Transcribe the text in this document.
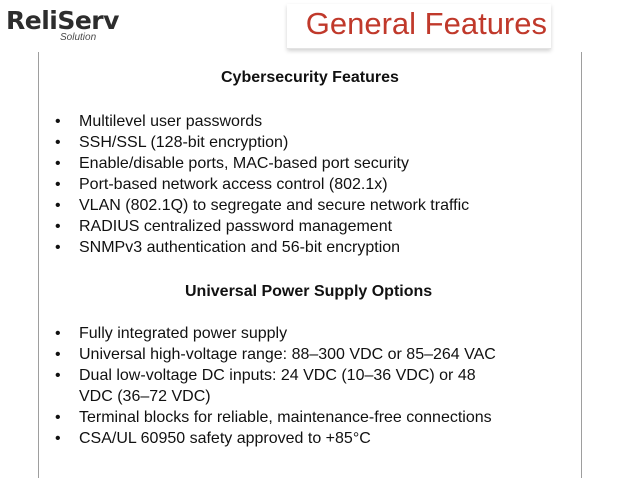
ReliServ
Solution	General Features
Cybersecurity Features
• Multilevel user passwords
• SSH/SSL (128-bit encryption)
• Enable/disable ports, MAC-based port security
• Port-based network access control (802.1x)
• VLAN (802.1Q) to segregate and secure network traffic
• RADIUS centralized password management
• SNMPv3 authentication and 56-bit encryption
Universal Power Supply Options
• Fully integrated power supply
• Universal high-voltage range: 88–300 VDC or 85–264 VAC
• Dual low-voltage DC inputs: 24 VDC (10–36 VDC) or 48
VDC (36–72 VDC)
• Terminal blocks for reliable, maintenance-free connections
• CSA/UL 60950 safety approved to +85°C
